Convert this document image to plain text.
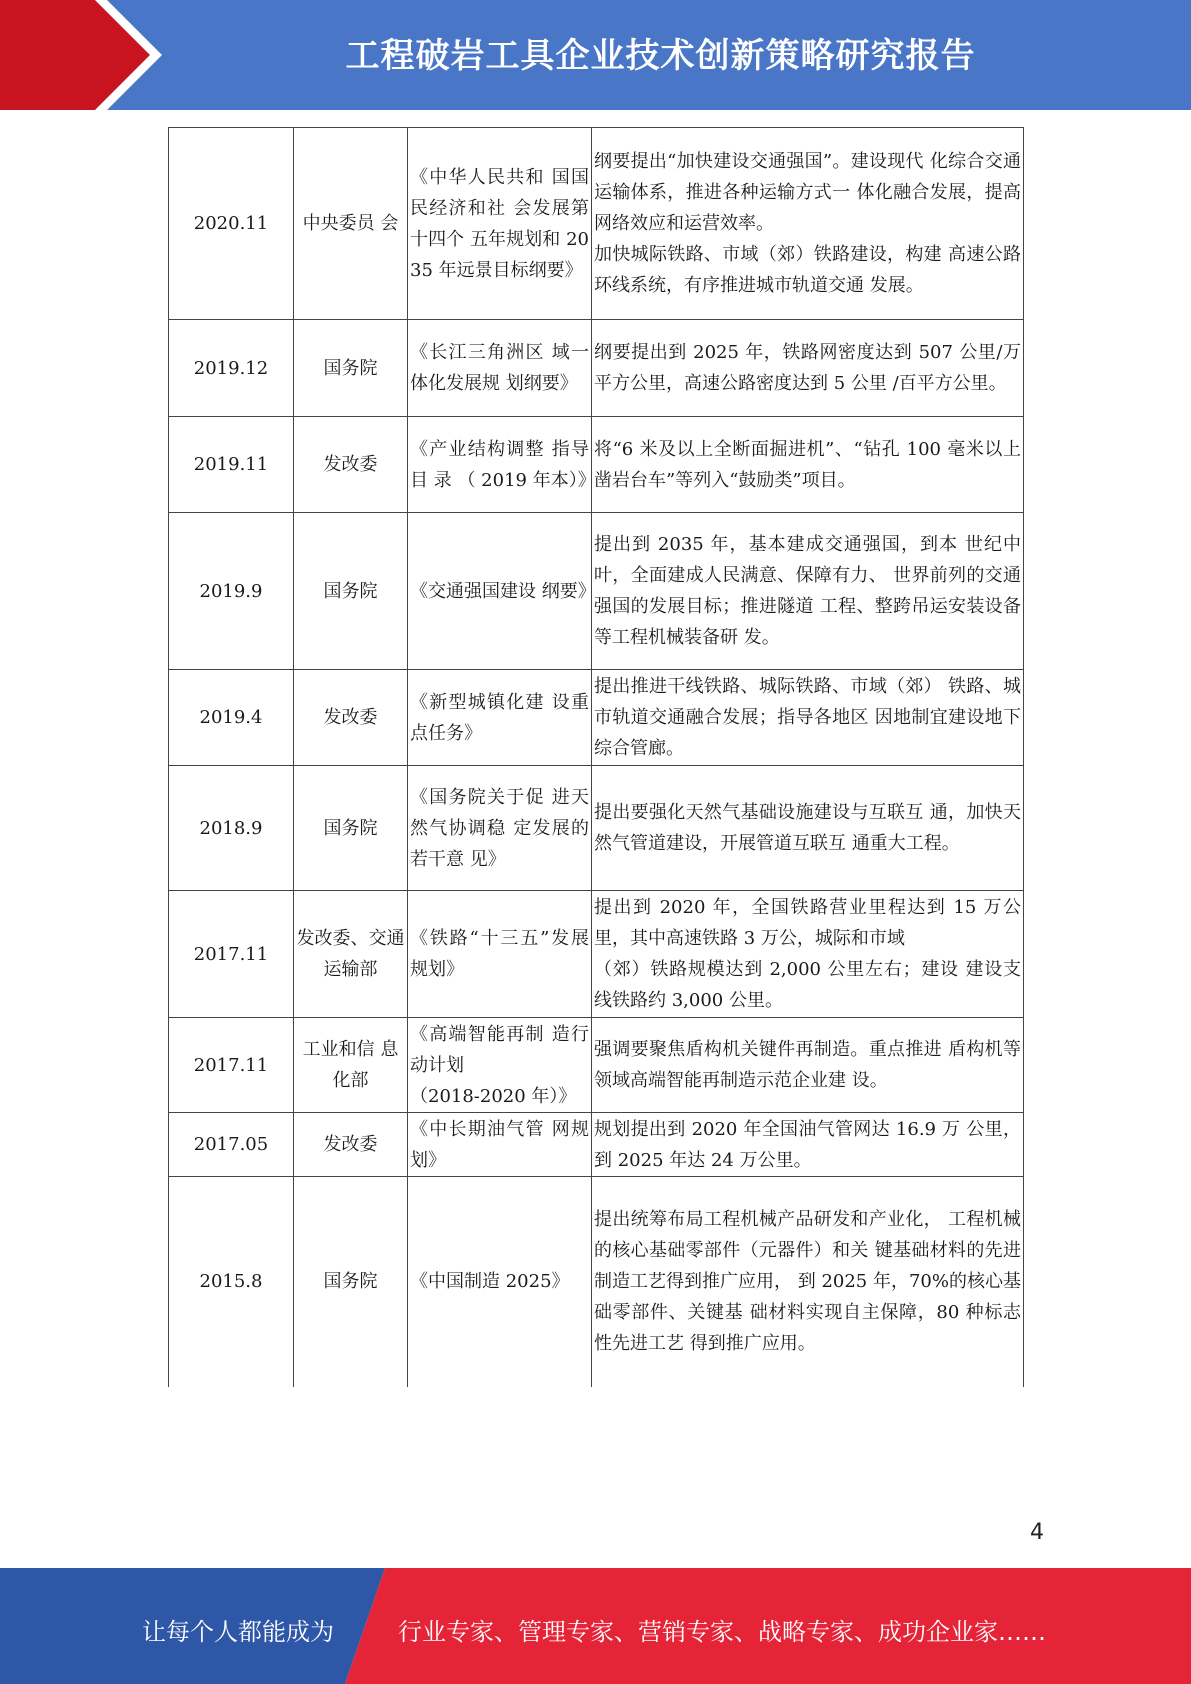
工程破岩工具企业技术创新策略研究报告
2020.11	中央委员 会	《中华人民共和 国国民经济和社 会发展第十四个 五年规划和 2035 年远景目标纲要》	纲要提出“加快建设交通强国”。建设现代 化综合交通运输体系，推进各种运输方式一 体化融合发展，提高网络效应和运营效率。
加快城际铁路、市域（郊）铁路建设，构建 高速公路环线系统，有序推进城市轨道交通 发展。

2019.12	国务院	《长江三角洲区 域一体化发展规 划纲要》	纲要提出到 2025 年，铁路网密度达到 507 公里/万平方公里，高速公路密度达到 5 公里 /百平方公里。

2019.11	发改委	《产业结构调整 指导 目 录 （ 2019 年本）》	将“6 米及以上全断面掘进机”、“钻孔 100 毫米以上凿岩台车”等列入“鼓励类”项目。

2019.9	国务院	《交通强国建设 纲要》	提出到 2035 年，基本建成交通强国，到本 世纪中叶，全面建成人民满意、保障有力、 世界前列的交通强国的发展目标；推进隧道 工程、整跨吊运安装设备等工程机械装备研 发。

2019.4	发改委	《新型城镇化建 设重点任务》	提出推进干线铁路、城际铁路、市域（郊） 铁路、城市轨道交通融合发展；指导各地区 因地制宜建设地下综合管廊。

2018.9	国务院	《国务院关于促 进天然气协调稳 定发展的若干意 见》	提出要强化天然气基础设施建设与互联互 通，加快天然气管道建设，开展管道互联互 通重大工程。

2017.11	发改委、交通运输部	《铁路“十三五”发展规划》	提出到 2020 年，全国铁路营业里程达到 15 万公里，其中高速铁路 3 万公，城际和市域
（郊）铁路规模达到 2,000 公里左右；建设 建设支线铁路约 3,000 公里。

2017.11	工业和信 息化部	《高端智能再制 造行动计划
（2018-2020 年）》	强调要聚焦盾构机关键件再制造。重点推进 盾构机等领域高端智能再制造示范企业建 设。

2017.05	发改委	《中长期油气管 网规划》	规划提出到 2020 年全国油气管网达 16.9 万 公里，到 2025 年达 24 万公里。

2015.8	国务院	《中国制造 2025》	提出统筹布局工程机械产品研发和产业化， 工程机械的核心基础零部件（元器件）和关 键基础材料的先进制造工艺得到推广应用， 到 2025 年，70%的核心基础零部件、关键基 础材料实现自主保障，80 种标志性先进工艺 得到推广应用。
4
让每个人都能成为	行业专家、管理专家、营销专家、战略专家、成功企业家……
